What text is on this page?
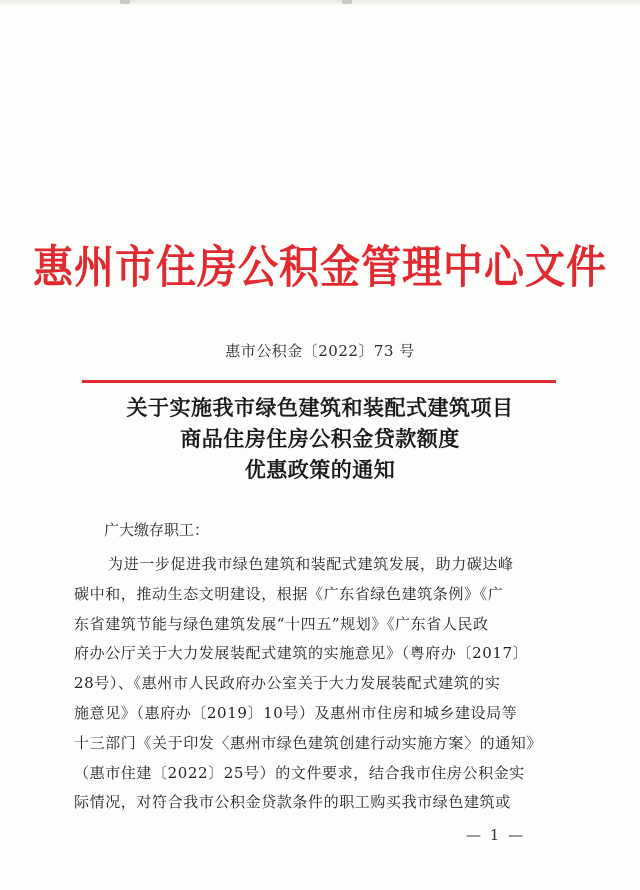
惠州市住房公积金管理中心文件
惠市公积金〔2022〕73 号
关于实施我市绿色建筑和装配式建筑项目
商品住房住房公积金贷款额度
优惠政策的通知
广大缴存职工：
为进一步促进我市绿色建筑和装配式建筑发展，助力碳达峰
碳中和，推动生态文明建设，根据《广东省绿色建筑条例》《广
东省建筑节能与绿色建筑发展“十四五”规划》《广东省人民政
府办公厅关于大力发展装配式建筑的实施意见》（粤府办〔2017〕
28号）、《惠州市人民政府办公室关于大力发展装配式建筑的实
施意见》（惠府办〔2019〕10号）及惠州市住房和城乡建设局等
十三部门《关于印发〈惠州市绿色建筑创建行动实施方案〉的通知》
（惠市住建〔2022〕25号）的文件要求，结合我市住房公积金实
际情况，对符合我市公积金贷款条件的职工购买我市绿色建筑或
— 1 —
